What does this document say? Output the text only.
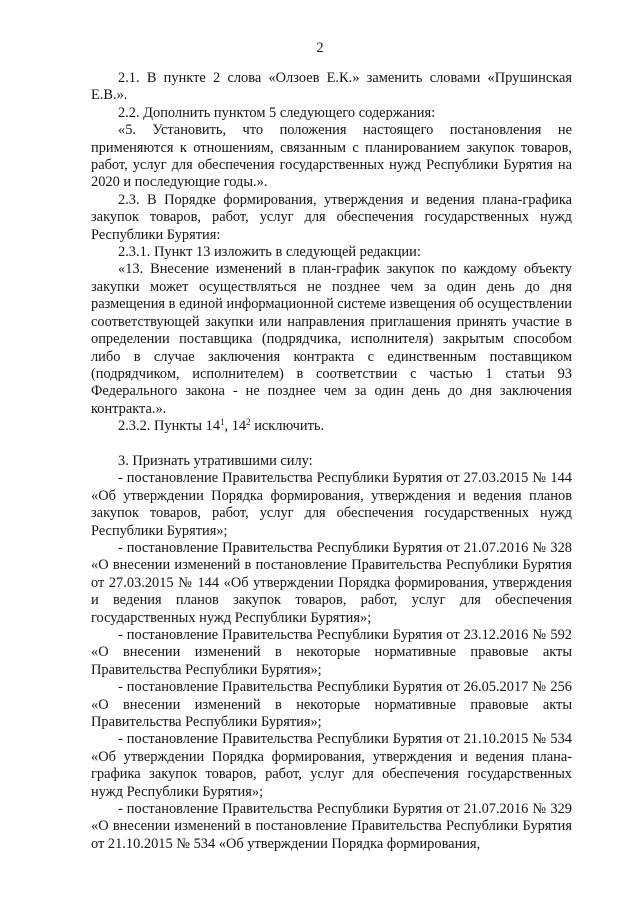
2

2.1. В пункте 2 слова «Олзоев Е.К.» заменить словами «Прушинская Е.В.».

2.2. Дополнить пунктом 5 следующего содержания:

«5. Установить, что положения настоящего постановления не применяются к отношениям, связанным с планированием закупок товаров, работ, услуг для обеспечения государственных нужд Республики Бурятия на 2020 и последующие годы.».

2.3. В Порядке формирования, утверждения и ведения плана-графика закупок товаров, работ, услуг для обеспечения государственных нужд Республики Бурятия:

2.3.1. Пункт 13 изложить в следующей редакции:

«13. Внесение изменений в план-график закупок по каждому объекту закупки может осуществляться не позднее чем за один день до дня размещения в единой информационной системе извещения об осуществлении соответствующей закупки или направления приглашения принять участие в определении поставщика (подрядчика, исполнителя) закрытым способом либо в случае заключения контракта с единственным поставщиком (подрядчиком, исполнителем) в соответствии с частью 1 статьи 93 Федерального закона - не позднее чем за один день до дня заключения контракта.».

2.3.2. Пункты $14^1$, $14^2$ исключить.

3. Признать утратившими силу:

- постановление Правительства Республики Бурятия от 27.03.2015 № 144 «Об утверждении Порядка формирования, утверждения и ведения планов закупок товаров, работ, услуг для обеспечения государственных нужд Республики Бурятия»;

- постановление Правительства Республики Бурятия от 21.07.2016 № 328 «О внесении изменений в постановление Правительства Республики Бурятия от 27.03.2015 № 144 «Об утверждении Порядка формирования, утверждения и ведения планов закупок товаров, работ, услуг для обеспечения государственных нужд Республики Бурятия»;

- постановление Правительства Республики Бурятия от 23.12.2016 № 592 «О внесении изменений в некоторые нормативные правовые акты Правительства Республики Бурятия»;

- постановление Правительства Республики Бурятия от 26.05.2017 № 256 «О внесении изменений в некоторые нормативные правовые акты Правительства Республики Бурятия»;

- постановление Правительства Республики Бурятия от 21.10.2015 № 534 «Об утверждении Порядка формирования, утверждения и ведения плана-графика закупок товаров, работ, услуг для обеспечения государственных нужд Республики Бурятия»;

- постановление Правительства Республики Бурятия от 21.07.2016 № 329 «О внесении изменений в постановление Правительства Республики Бурятия от 21.10.2015 № 534 «Об утверждении Порядка формирования,
